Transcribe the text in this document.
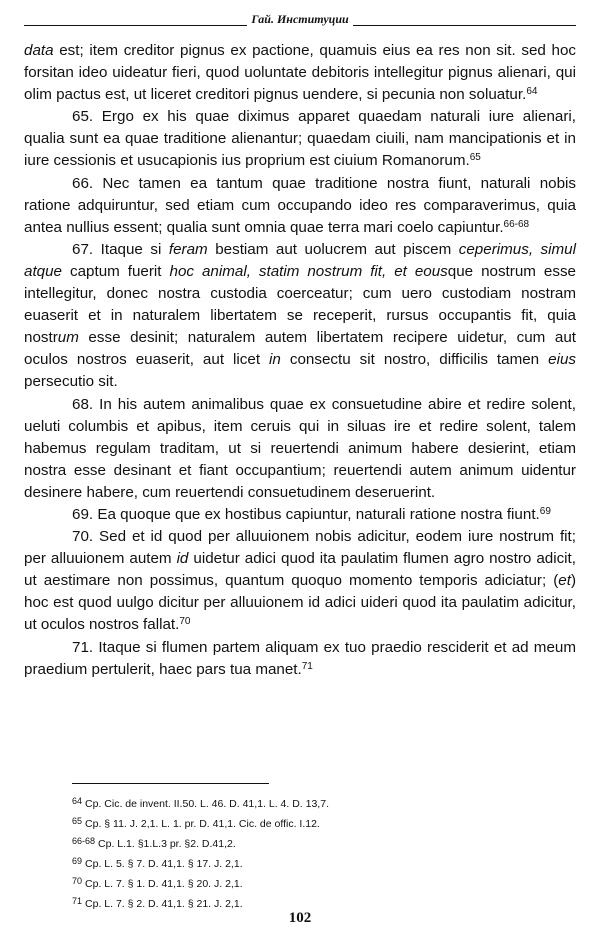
Гай. Институции

data est; item creditor pignus ex pactione, quamuis eius ea res non sit. sed hoc forsitan ideo uideatur fieri, quod uoluntate debitoris intellegitur pignus alienari, qui olim pactus est, ut liceret creditori pignus uendere, si pecunia non soluatur.$^{64}$

65. Ergo ex his quae diximus apparet quaedam naturali iure alienari, qualia sunt ea quae traditione alienantur; quaedam ciuili, nam mancipationis et in iure cessionis et usucapionis ius proprium est ciuium Romanorum.$^{65}$

66. Nec tamen ea tantum quae traditione nostra fiunt, naturali nobis ratione adquiruntur, sed etiam cum occupando ideo res comparaverimus, quia antea nullius essent; qualia sunt omnia quae terra mari coelo capiuntur.$^{66-68}$

67. Itaque si feram bestiam aut uolucrem aut piscem ceperimus, simul atque captum fuerit hoc animal, statim nostrum fit, et eousque nostrum esse intellegitur, donec nostra custodia coerceatur; cum uero custodiam nostram euaserit et in naturalem libertatem se receperit, rursus occupantis fit, quia nostrum esse desinit; naturalem autem libertatem recipere uidetur, cum aut oculos nostros euaserit, aut licet in consectu sit nostro, difficilis tamen eius persecutio sit.

68. In his autem animalibus quae ex consuetudine abire et redire solent, ueluti columbis et apibus, item ceruis qui in siluas ire et redire solent, talem habemus regulam traditam, ut si reuertendi animum habere desierint, etiam nostra esse desinant et fiant occupantium; reuertendi autem animum uidentur desinere habere, cum reuertendi consuetudinem deseruerint.

69. Ea quoque que ex hostibus capiuntur, naturali ratione nostra fiunt.$^{69}$

70. Sed et id quod per alluuionem nobis adicitur, eodem iure nostrum fit; per alluuionem autem id uidetur adici quod ita paulatim flumen agro nostro adicit, ut aestimare non possimus, quantum quoquo momento temporis adiciatur; (et) hoc est quod uulgo dicitur per alluuionem id adici uideri quod ita paulatim adicitur, ut oculos nostros fallat.$^{70}$

71. Itaque si flumen partem aliquam ex tuo praedio resciderit et ad meum praedium pertulerit, haec pars tua manet.$^{71}$

64 Cp. Cic. de invent. II.50. L. 46. D. 41,1. L. 4. D. 13,7.
65 Cp. § 11. J. 2,1. L. 1. pr. D. 41,1. Cic. de offic. I.12.
66-68 Cp. L.1. §1.L.3 pr. §2. D.41,2.
69 Cp. L. 5. § 7. D. 41,1. § 17. J. 2,1.
70 Cp. L. 7. § 1. D. 41,1. § 20. J. 2,1.
71 Cp. L. 7. § 2. D. 41,1. § 21. J. 2,1.
102
